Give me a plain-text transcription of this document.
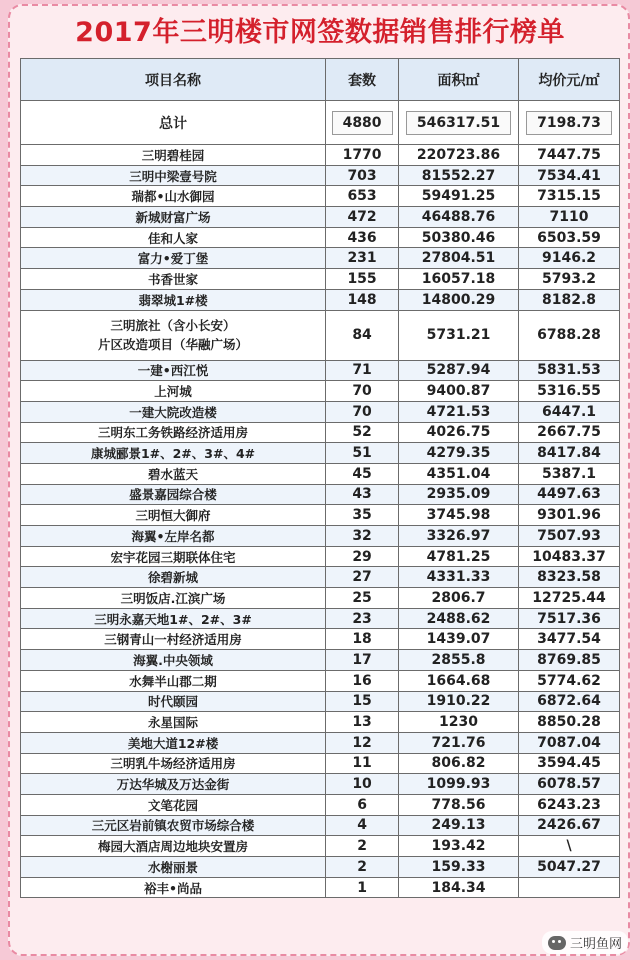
2017年三明楼市网签数据销售排行榜单
项目名称	套数	面积㎡	均价元/㎡
总计	4880	546317.51	7198.73
三明碧桂园	1770	220723.86	7447.75
三明中梁壹号院	703	81552.27	7534.41
瑞都•山水御园	653	59491.25	7315.15
新城财富广场	472	46488.76	7110
佳和人家	436	50380.46	6503.59
富力•爱丁堡	231	27804.51	9146.2
书香世家	155	16057.18	5793.2
翡翠城1#楼	148	14800.29	8182.8
三明旅社（含小长安）
片区改造项目（华融广场）	84	5731.21	6788.28
一建•西江悦	71	5287.94	5831.53
上河城	70	9400.87	5316.55
一建大院改造楼	70	4721.53	6447.1
三明东工务铁路经济适用房	52	4026.75	2667.75
康城郦景1#、2#、3#、4#	51	4279.35	8417.84
碧水蓝天	45	4351.04	5387.1
盛景嘉园综合楼	43	2935.09	4497.63
三明恒大御府	35	3745.98	9301.96
海翼•左岸名都	32	3326.97	7507.93
宏宇花园三期联体住宅	29	4781.25	10483.37
徐碧新城	27	4331.33	8323.58
三明饭店.江滨广场	25	2806.7	12725.44
三明永嘉天地1#、2#、3#	23	2488.62	7517.36
三钢青山一村经济适用房	18	1439.07	3477.54
海翼.中央领域	17	2855.8	8769.85
水舞半山郡二期	16	1664.68	5774.62
时代颐园	15	1910.22	6872.64
永星国际	13	1230	8850.28
美地大道12#楼	12	721.76	7087.04
三明乳牛场经济适用房	11	806.82	3594.45
万达华城及万达金街	10	1099.93	6078.57
文笔花园	6	778.56	6243.23
三元区岩前镇农贸市场综合楼	4	249.13	2426.67
梅园大酒店周边地块安置房	2	193.42	\
水榭丽景	2	159.33	5047.27
裕丰•尚品	1	184.34	
三明鱼网
